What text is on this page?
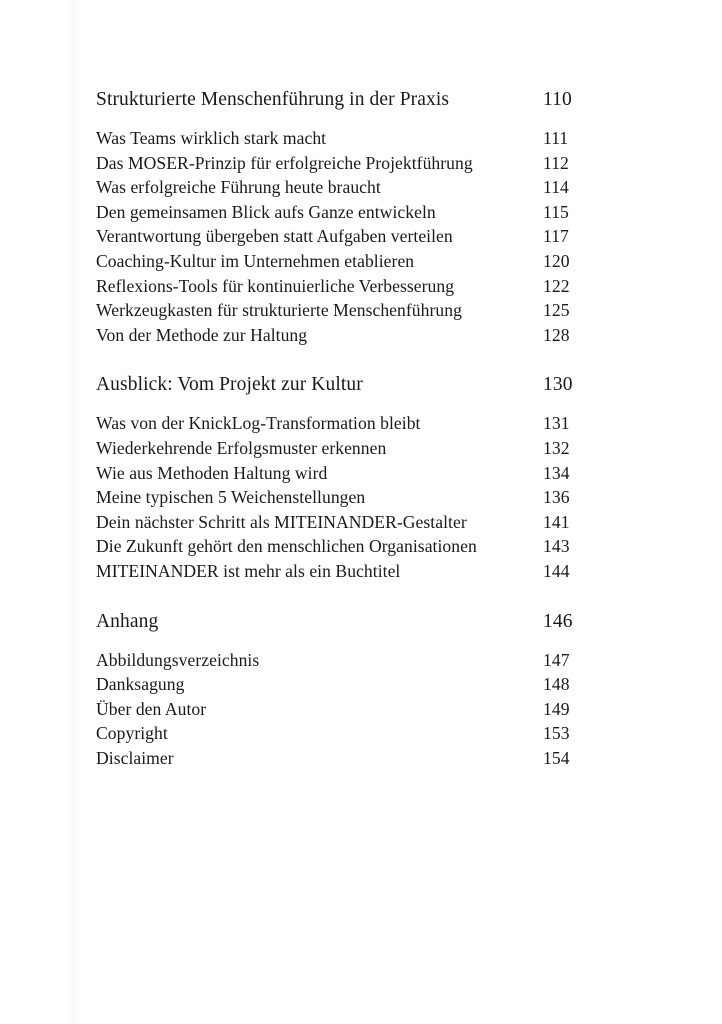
Strukturierte Menschenführung in der Praxis	110
Was Teams wirklich stark macht	111
Das MOSER-Prinzip für erfolgreiche Projektführung	112
Was erfolgreiche Führung heute braucht	114
Den gemeinsamen Blick aufs Ganze entwickeln	115
Verantwortung übergeben statt Aufgaben verteilen	117
Coaching-Kultur im Unternehmen etablieren	120
Reflexions-Tools für kontinuierliche Verbesserung	122
Werkzeugkasten für strukturierte Menschenführung	125
Von der Methode zur Haltung	128
Ausblick: Vom Projekt zur Kultur	130
Was von der KnickLog-Transformation bleibt	131
Wiederkehrende Erfolgsmuster erkennen	132
Wie aus Methoden Haltung wird	134
Meine typischen 5 Weichenstellungen	136
Dein nächster Schritt als MITEINANDER-Gestalter	141
Die Zukunft gehört den menschlichen Organisationen	143
MITEINANDER ist mehr als ein Buchtitel	144
Anhang	146
Abbildungsverzeichnis	147
Danksagung	148
Über den Autor	149
Copyright	153
Disclaimer	154
